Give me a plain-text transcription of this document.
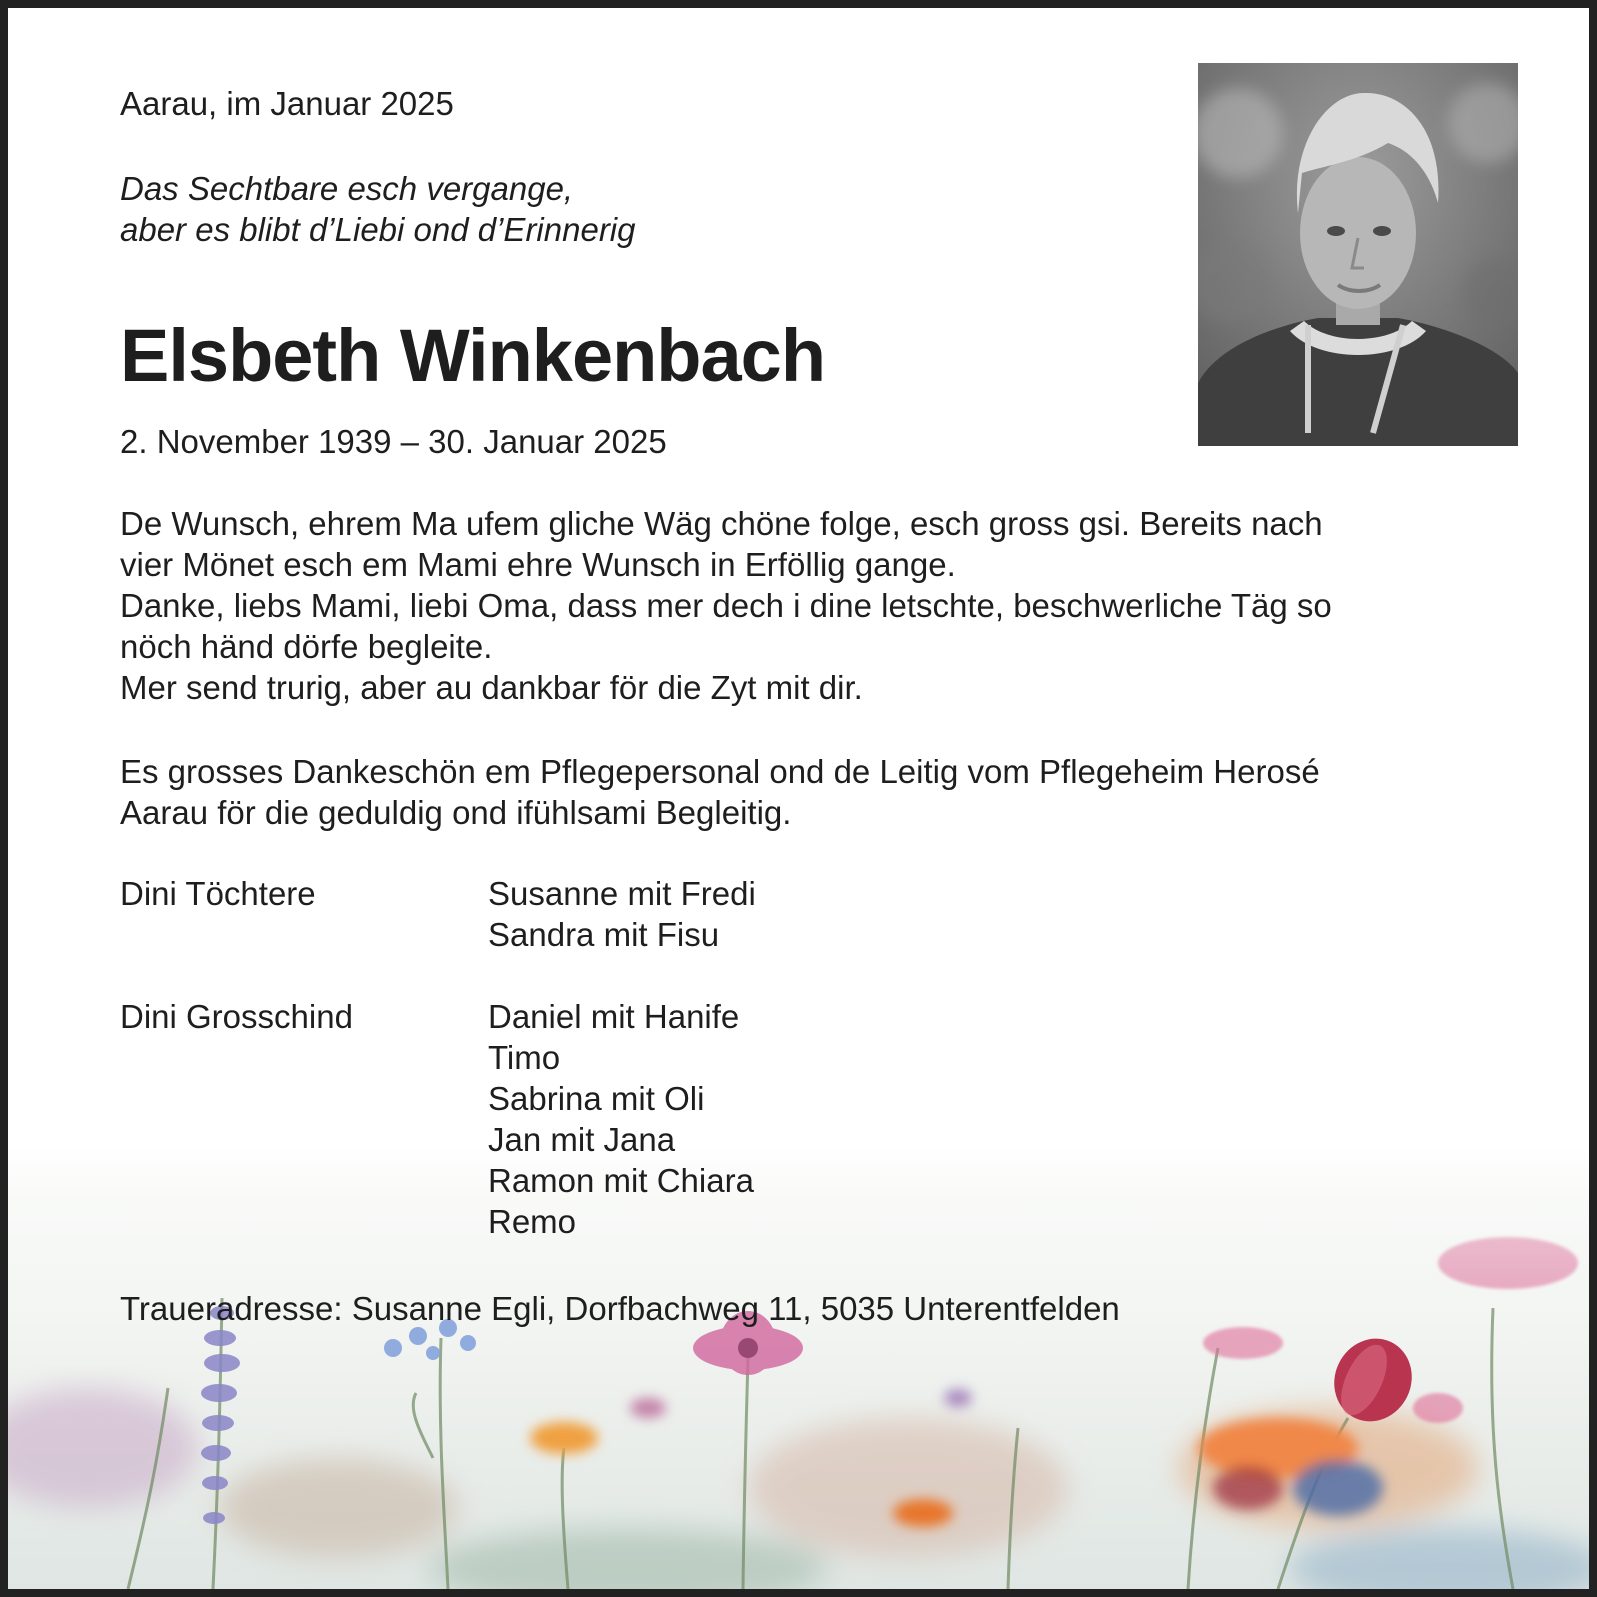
Aarau, im Januar 2025

Das Sechtbare esch vergange,
aber es blibt d’Liebi ond d’Erinnerig

Elsbeth Winkenbach

2. November 1939 – 30. Januar 2025

De Wunsch, ehrem Ma ufem gliche Wäg chöne folge, esch gross gsi. Bereits nach
vier Mönet esch em Mami ehre Wunsch in Erföllig gange.
Danke, liebs Mami, liebi Oma, dass mer dech i dine letschte, beschwerliche Täg so
nöch händ dörfe begleite.
Mer send trurig, aber au dankbar för die Zyt mit dir.

Es grosses Dankeschön em Pflegepersonal ond de Leitig vom Pflegeheim Herosé
Aarau för die geduldig ond ifühlsami Begleitig.

Dini Töchtere	Susanne mit Fredi
Sandra mit Fisu
Dini Grosschind	Daniel mit Hanife
Timo
Sabrina mit Oli
Jan mit Jana
Ramon mit Chiara
Remo

Traueradresse: Susanne Egli, Dorfbachweg 11, 5035 Unterentfelden
